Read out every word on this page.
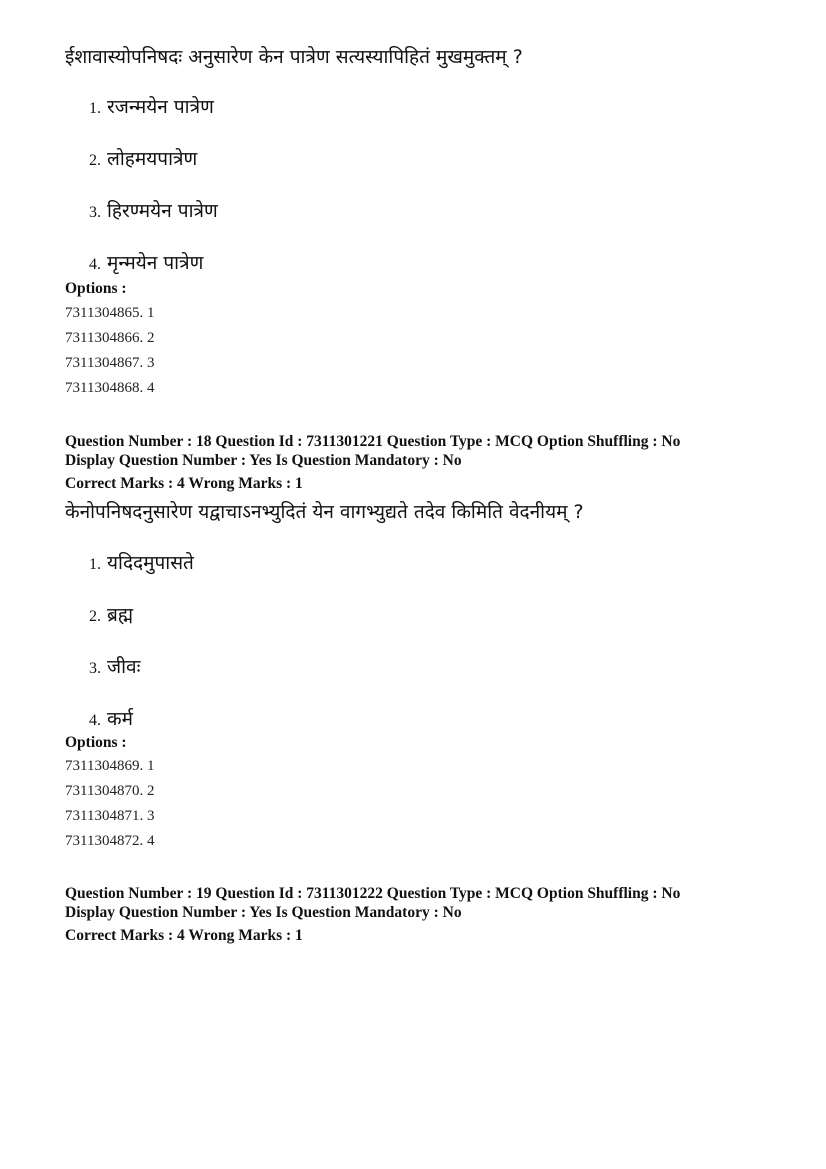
ईशावास्योपनिषदः अनुसारेण केन पात्रेण सत्यस्यापिहितं मुखमुक्तम् ?
1. रजन्मयेन पात्रेण
2. लोहमयपात्रेण
3. हिरण्मयेन पात्रेण
4. मृन्मयेन पात्रेण
Options :
7311304865. 1
7311304866. 2
7311304867. 3
7311304868. 4
Question Number : 18 Question Id : 7311301221 Question Type : MCQ Option Shuffling : No
Display Question Number : Yes Is Question Mandatory : No
Correct Marks : 4 Wrong Marks : 1
केनोपनिषदनुसारेण यद्वाचाऽनभ्युदितं येन वागभ्युद्यते तदेव किमिति वेदनीयम् ?
1. यदिदमुपासते
2. ब्रह्म
3. जीवः
4. कर्म
Options :
7311304869. 1
7311304870. 2
7311304871. 3
7311304872. 4
Question Number : 19 Question Id : 7311301222 Question Type : MCQ Option Shuffling : No
Display Question Number : Yes Is Question Mandatory : No
Correct Marks : 4 Wrong Marks : 1
